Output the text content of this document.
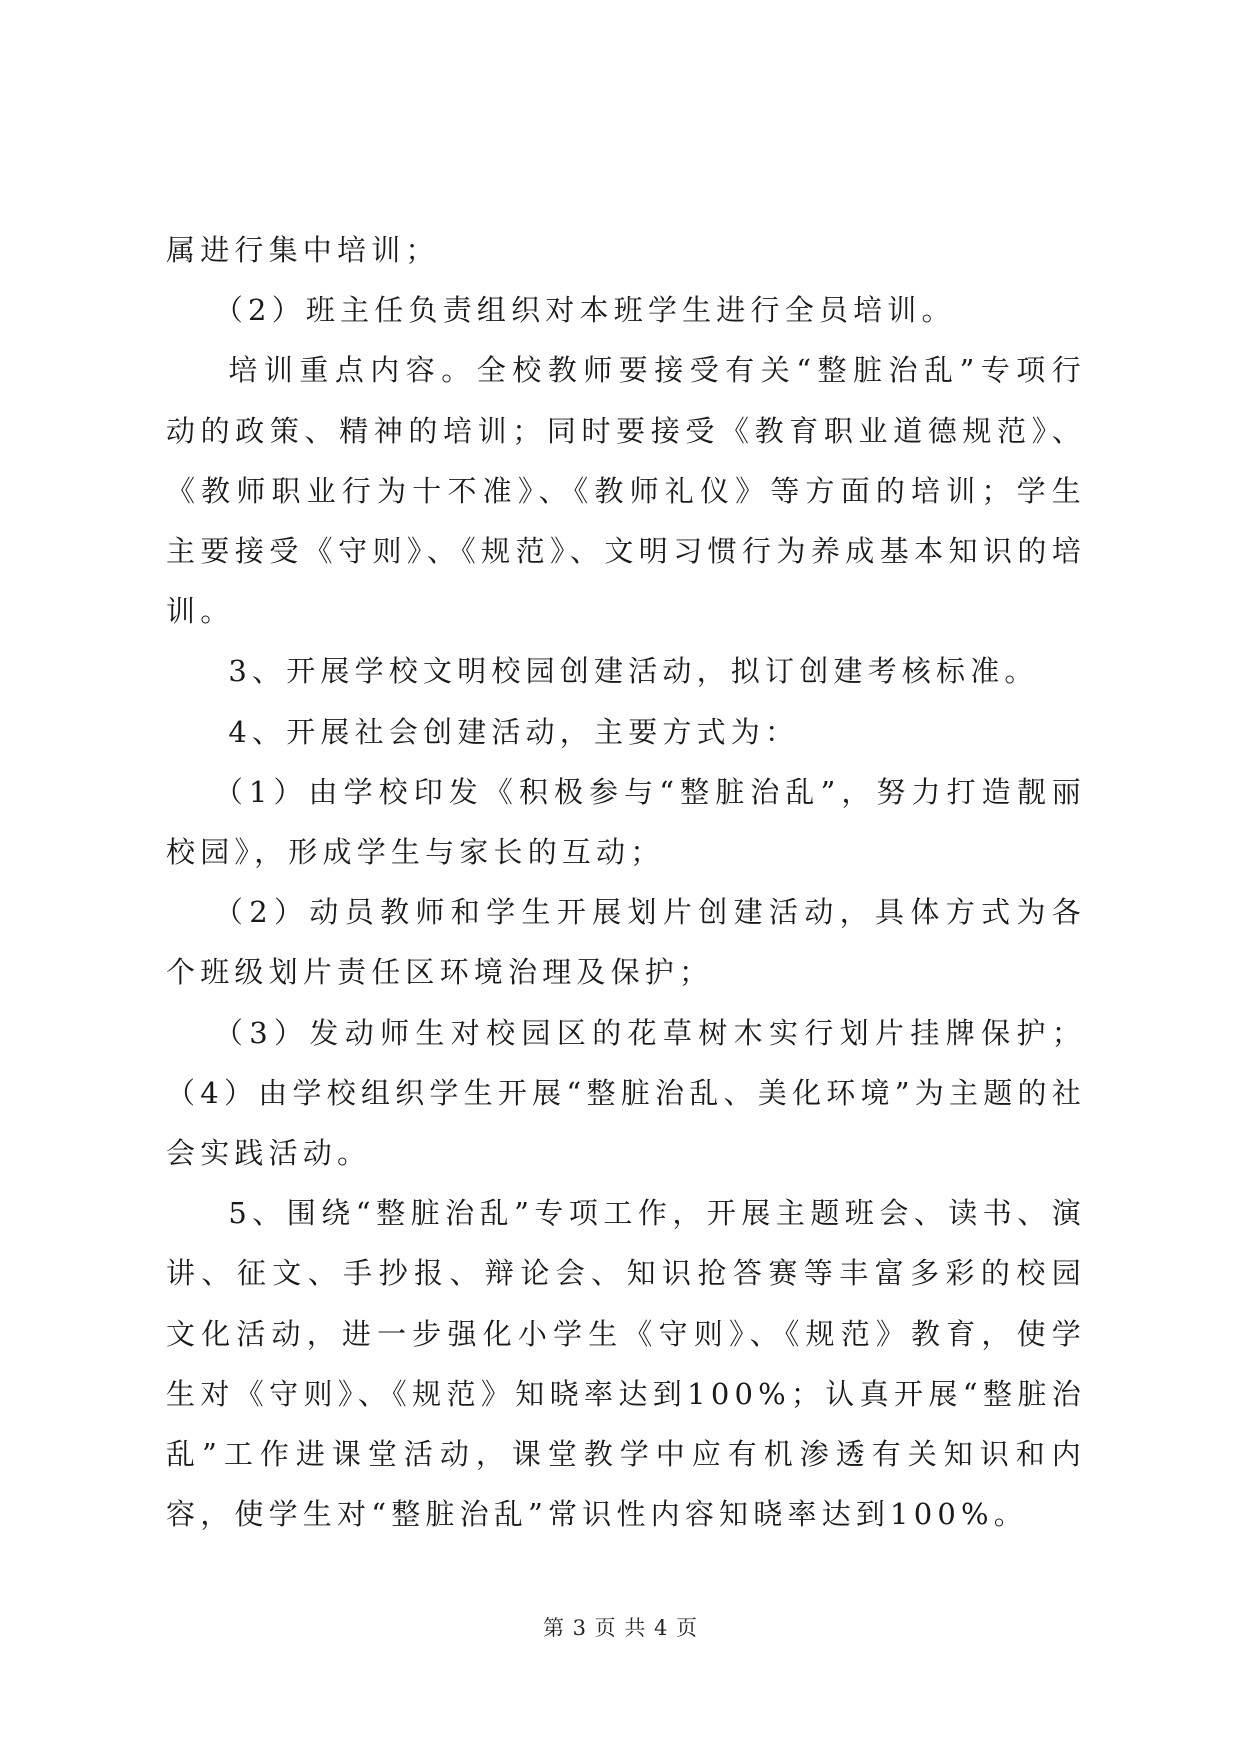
属进行集中培训；

（2）班主任负责组织对本班学生进行全员培训。

培训重点内容。全校教师要接受有关“整脏治乱”专项行动的政策、精神的培训；同时要接受《教育职业道德规范》、《教师职业行为十不准》、《教师礼仪》等方面的培训；学生主要接受《守则》、《规范》、文明习惯行为养成基本知识的培训。

3、开展学校文明校园创建活动，拟订创建考核标准。

4、开展社会创建活动，主要方式为：

（1）由学校印发《积极参与“整脏治乱”，努力打造靓丽校园》，形成学生与家长的互动；

（2）动员教师和学生开展划片创建活动，具体方式为各个班级划片责任区环境治理及保护；

（3）发动师生对校园区的花草树木实行划片挂牌保护；（4）由学校组织学生开展“整脏治乱、美化环境”为主题的社会实践活动。

5、围绕“整脏治乱”专项工作，开展主题班会、读书、演讲、征文、手抄报、辩论会、知识抢答赛等丰富多彩的校园文化活动，进一步强化小学生《守则》、《规范》教育，使学生对《守则》、《规范》知晓率达到100%；认真开展“整脏治乱”工作进课堂活动，课堂教学中应有机渗透有关知识和内容，使学生对“整脏治乱”常识性内容知晓率达到100%。

第 3 页 共 4 页
